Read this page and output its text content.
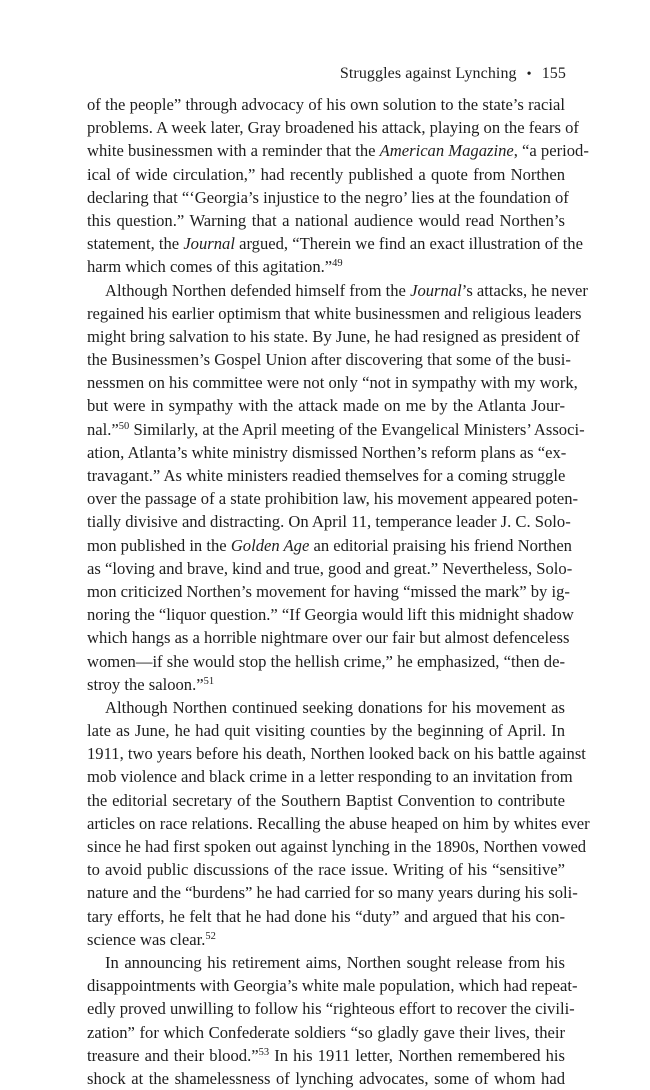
Struggles against Lynching • 155
of the people” through advocacy of his own solution to the state’s racial
problems. A week later, Gray broadened his attack, playing on the fears of
white businessmen with a reminder that the American Magazine, “a period-
ical of wide circulation,” had recently published a quote from Northen
declaring that “‘Georgia’s injustice to the negro’ lies at the foundation of
this question.” Warning that a national audience would read Northen’s
statement, the Journal argued, “Therein we find an exact illustration of the
harm which comes of this agitation.”$^{49}$
Although Northen defended himself from the Journal’s attacks, he never
regained his earlier optimism that white businessmen and religious leaders
might bring salvation to his state. By June, he had resigned as president of
the Businessmen’s Gospel Union after discovering that some of the busi-
nessmen on his committee were not only “not in sympathy with my work,
but were in sympathy with the attack made on me by the Atlanta Jour-
nal.”$^{50}$ Similarly, at the April meeting of the Evangelical Ministers’ Associ-
ation, Atlanta’s white ministry dismissed Northen’s reform plans as “ex-
travagant.” As white ministers readied themselves for a coming struggle
over the passage of a state prohibition law, his movement appeared poten-
tially divisive and distracting. On April 11, temperance leader J. C. Solo-
mon published in the Golden Age an editorial praising his friend Northen
as “loving and brave, kind and true, good and great.” Nevertheless, Solo-
mon criticized Northen’s movement for having “missed the mark” by ig-
noring the “liquor question.” “If Georgia would lift this midnight shadow
which hangs as a horrible nightmare over our fair but almost defenceless
women—if she would stop the hellish crime,” he emphasized, “then de-
stroy the saloon.”$^{51}$
Although Northen continued seeking donations for his movement as
late as June, he had quit visiting counties by the beginning of April. In
1911, two years before his death, Northen looked back on his battle against
mob violence and black crime in a letter responding to an invitation from
the editorial secretary of the Southern Baptist Convention to contribute
articles on race relations. Recalling the abuse heaped on him by whites ever
since he had first spoken out against lynching in the 1890s, Northen vowed
to avoid public discussions of the race issue. Writing of his “sensitive”
nature and the “burdens” he had carried for so many years during his soli-
tary efforts, he felt that he had done his “duty” and argued that his con-
science was clear.$^{52}$
In announcing his retirement aims, Northen sought release from his
disappointments with Georgia’s white male population, which had repeat-
edly proved unwilling to follow his “righteous effort to recover the civili-
zation” for which Confederate soldiers “so gladly gave their lives, their
treasure and their blood.”$^{53}$ In his 1911 letter, Northen remembered his
shock at the shamelessness of lynching advocates, some of whom had
